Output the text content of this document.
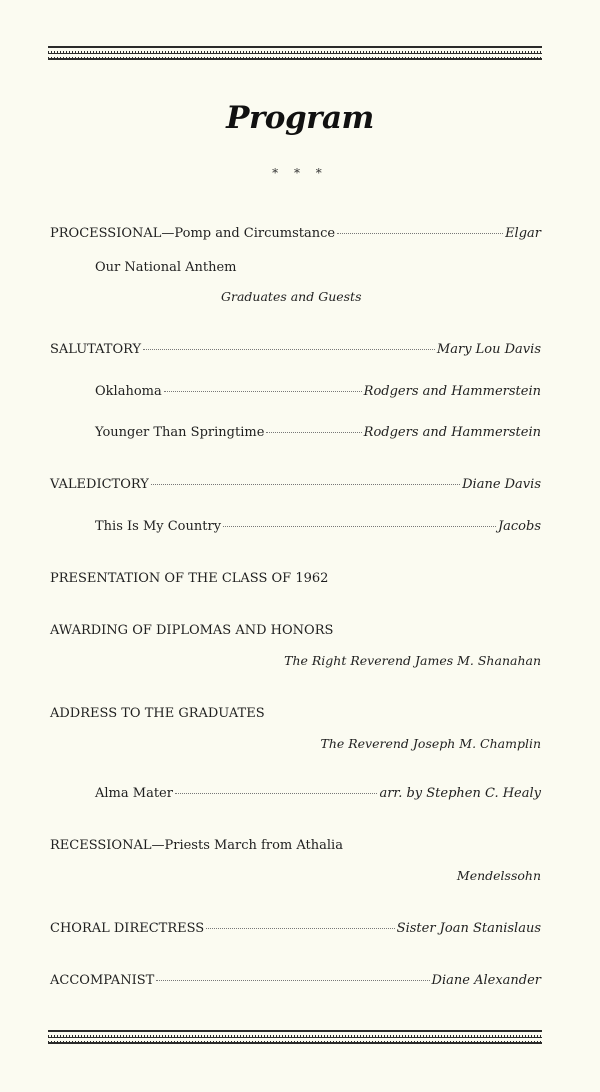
Program
* * *
PROCESSIONAL—Pomp and Circumstance	Elgar
Our National Anthem
Graduates and Guests
SALUTATORY	Mary Lou Davis
Oklahoma	Rodgers and Hammerstein
Younger Than Springtime	Rodgers and Hammerstein
VALEDICTORY	Diane Davis
This Is My Country	Jacobs
PRESENTATION OF THE CLASS OF 1962
AWARDING OF DIPLOMAS AND HONORS
The Right Reverend James M. Shanahan
ADDRESS TO THE GRADUATES
The Reverend Joseph M. Champlin
Alma Mater	arr. by Stephen C. Healy
RECESSIONAL—Priests March from Athalia
Mendelssohn
CHORAL DIRECTRESS	Sister Joan Stanislaus
ACCOMPANIST	Diane Alexander
